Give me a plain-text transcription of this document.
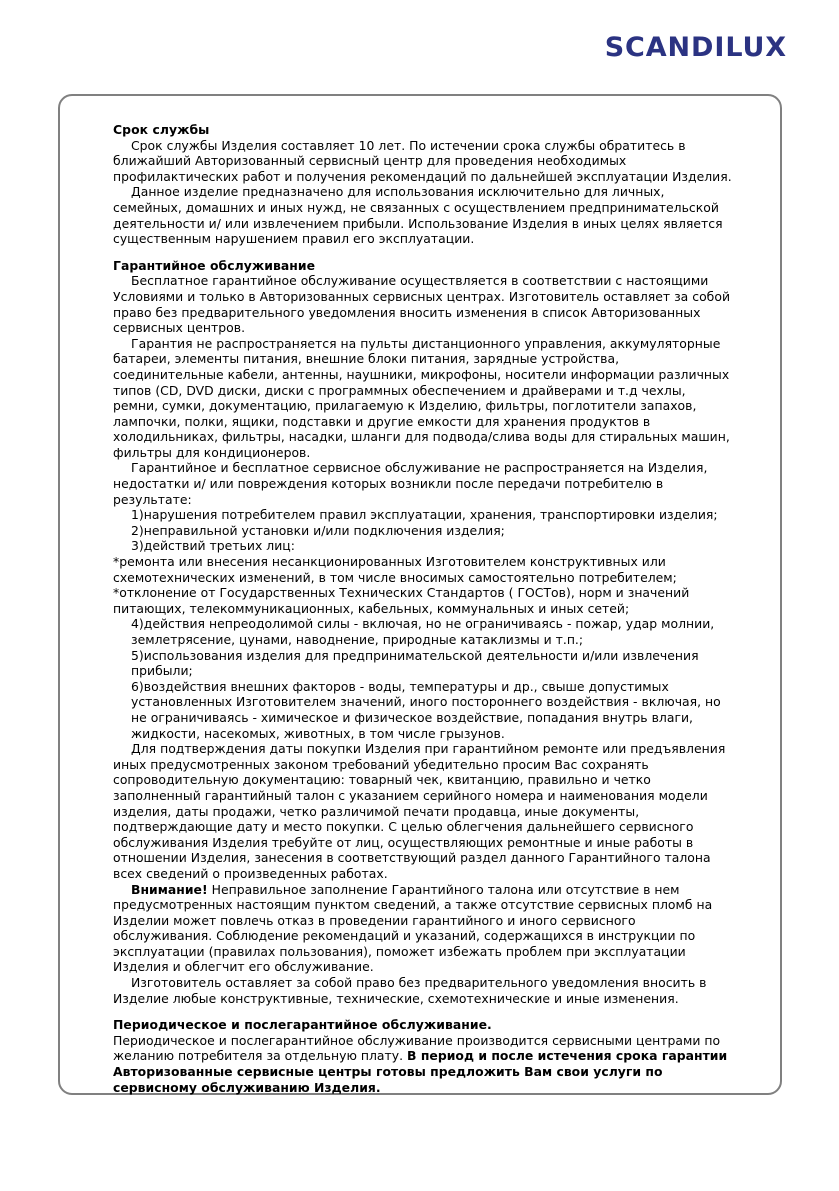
SCANDILUX
Срок службы

Срок службы Изделия составляет 10 лет. По истечении срока службы обратитесь в ближайший Авторизованный сервисный центр для проведения необходимых профилактических работ и получения рекомендаций по дальнейшей эксплуатации Изделия.

Данное изделие предназначено для использования исключительно для личных, семейных, домашних и иных нужд, не связанных с осуществлением предпринимательской деятельности и/ или извлечением прибыли. Использование Изделия в иных целях является существенным нарушением правил его эксплуатации.

Гарантийное обслуживание

Бесплатное гарантийное обслуживание осуществляется в соответствии с настоящими Условиями и только в Авторизованных сервисных центрах. Изготовитель оставляет за собой право без предварительного уведомления вносить изменения в список Авторизованных сервисных центров.

Гарантия не распространяется на пульты дистанционного управления, аккумуляторные батареи, элементы питания, внешние блоки питания, зарядные устройства, соединительные кабели, антенны, наушники, микрофоны, носители информации различных типов (CD, DVD диски, диски с программных обеспечением и драйверами и т.д чехлы, ремни, сумки, документацию, прилагаемую к Изделию, фильтры, поглотители запахов, лампочки, полки, ящики, подставки и другие емкости для хранения продуктов в холодильниках, фильтры, насадки, шланги для подвода/слива воды для стиральных машин, фильтры для кондиционеров.

Гарантийное и бесплатное сервисное обслуживание не распространяется на Изделия, недостатки и/ или повреждения которых возникли после передачи потребителю в результате:

1)нарушения потребителем правил эксплуатации, хранения, транспортировки изделия;

2)неправильной установки и/или подключения изделия;

3)действий третьих лиц:

*ремонта или внесения несанкционированных Изготовителем конструктивных или схемотехнических изменений, в том числе вносимых самостоятельно потребителем;

*отклонение от Государственных Технических Стандартов ( ГОСТов), норм и значений питающих, телекоммуникационных, кабельных, коммунальных и иных сетей;

4)действия непреодолимой силы - включая, но не ограничиваясь - пожар, удар молнии, землетрясение, цунами, наводнение, природные катаклизмы и т.п.;

5)использования изделия для предпринимательской деятельности и/или извлечения прибыли;

6)воздействия внешних факторов - воды, температуры и др., свыше допустимых установленных Изготовителем значений, иного постороннего воздействия - включая, но не ограничиваясь - химическое и физическое воздействие, попадания внутрь влаги, жидкости, насекомых, животных, в том числе грызунов.

Для подтверждения даты покупки Изделия при гарантийном ремонте или предъявления иных предусмотренных законом требований убедительно просим Вас сохранять сопроводительную документацию: товарный чек, квитанцию, правильно и четко заполненный гарантийный талон с указанием серийного номера и наименования модели изделия, даты продажи, четко различимой печати продавца, иные документы, подтверждающие дату и место покупки. С целью облегчения дальнейшего сервисного обслуживания Изделия требуйте от лиц, осуществляющих ремонтные и иные работы в отношении Изделия, занесения в соответствующий раздел данного Гарантийного талона всех сведений о произведенных работах.

Внимание! Неправильное заполнение Гарантийного талона или отсутствие в нем предусмотренных настоящим пунктом сведений, а также отсутствие сервисных пломб на Изделии может повлечь отказ в проведении гарантийного и иного сервисного обслуживания. Соблюдение рекомендаций и указаний, содержащихся в инструкции по эксплуатации (правилах пользования), поможет избежать проблем при эксплуатации Изделия и облегчит его обслуживание.

Изготовитель оставляет за собой право без предварительного уведомления вносить в Изделие любые конструктивные, технические, схемотехнические и иные изменения.

Периодическое и послегарантийное обслуживание.

Периодическое и послегарантийное обслуживание производится сервисными центрами по желанию потребителя за отдельную плату. В период и после истечения срока гарантии Авторизованные сервисные центры готовы предложить Вам свои услуги по сервисному обслуживанию Изделия.
